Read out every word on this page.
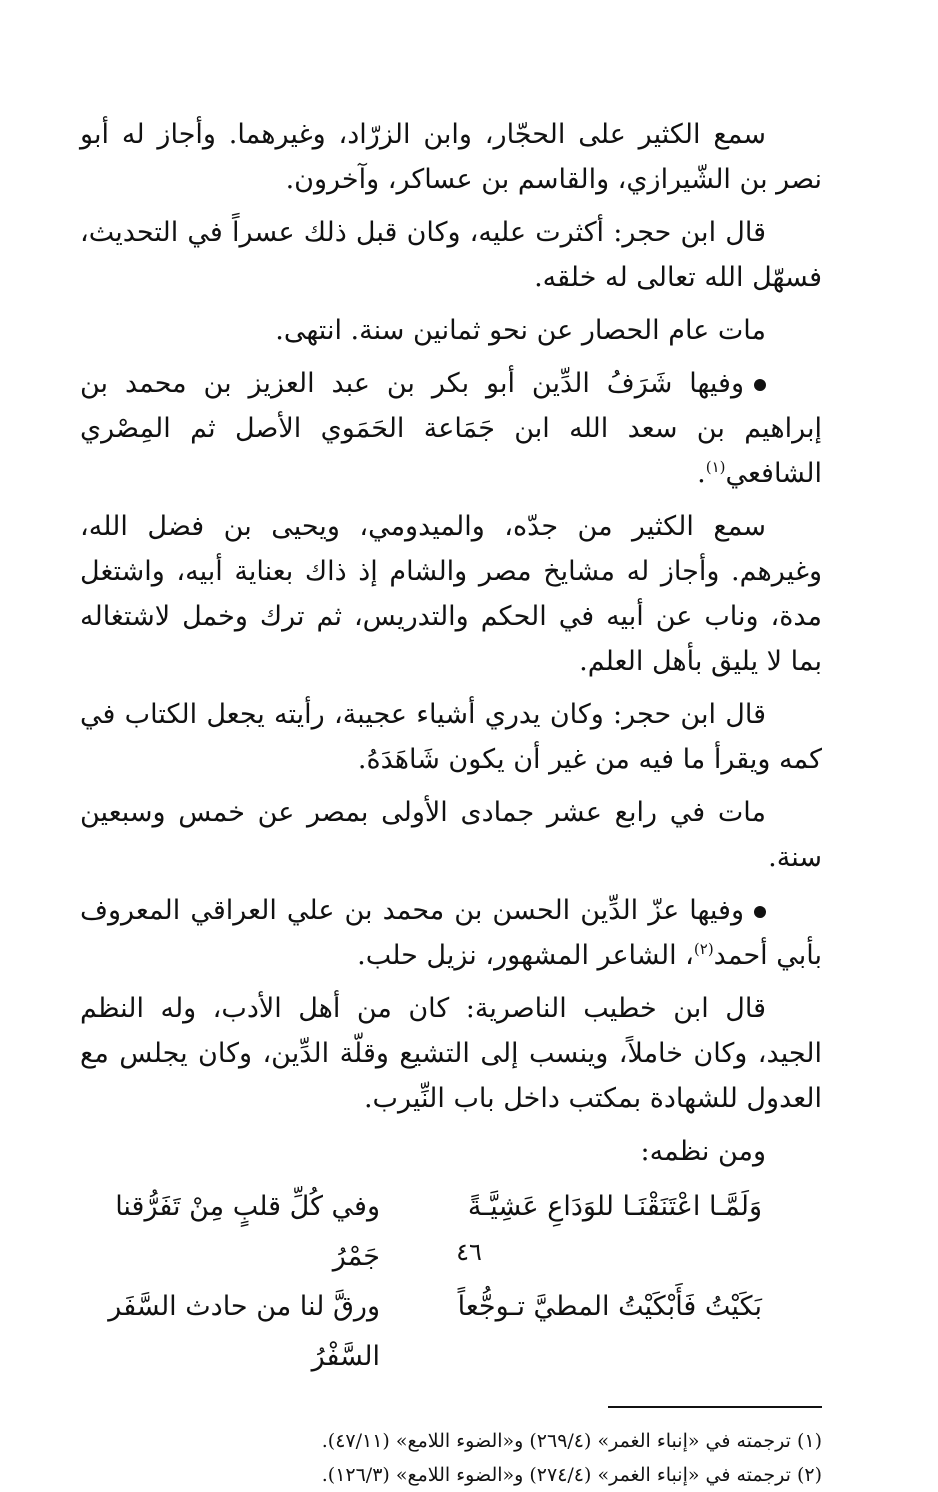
سمع الكثير على الحجّار، وابن الزرّاد، وغيرهما. وأجاز له أبو نصر بن الشّيرازي، والقاسم بن عساكر، وآخرون.

قال ابن حجر: أكثرت عليه، وكان قبل ذلك عسراً في التحديث، فسهّل الله تعالى له خلقه.

مات عام الحصار عن نحو ثمانين سنة. انتهى.

وفيها شَرَفُ الدِّين أبو بكر بن عبد العزيز بن محمد بن إبراهيم بن سعد الله ابن جَمَاعة الحَمَوي الأصل ثم المِصْري الشافعي$^{(١)}$.

سمع الكثير من جدّه، والميدومي، ويحيى بن فضل الله، وغيرهم. وأجاز له مشايخ مصر والشام إذ ذاك بعناية أبيه، واشتغل مدة، وناب عن أبيه في الحكم والتدريس، ثم ترك وخمل لاشتغاله بما لا يليق بأهل العلم.

قال ابن حجر: وكان يدري أشياء عجيبة، رأيته يجعل الكتاب في كمه ويقرأ ما فيه من غير أن يكون شَاهَدَهُ.

مات في رابع عشر جمادى الأولى بمصر عن خمس وسبعين سنة.

وفيها عزّ الدِّين الحسن بن محمد بن علي العراقي المعروف بأبي أحمد$^{(٢)}$، الشاعر المشهور، نزيل حلب.

قال ابن خطيب الناصرية: كان من أهل الأدب، وله النظم الجيد، وكان خاملاً، وينسب إلى التشيع وقلّة الدِّين، وكان يجلس مع العدول للشهادة بمكتب داخل باب النِّيرب.

ومن نظمه:

وَلَمَّـا اعْتَنَقْنَـا للوَدَاعِ عَشِيَّـةً
وفي كُلِّ قلبٍ مِنْ تَفَرُّقنا جَمْرُ
بَكَيْتُ فَأَبْكَيْتُ المطيَّ تـوجُّعاً
ورقَّ لنا من حادث السَّفَر السَّفْرُ

(١) ترجمته في «إنباء الغمر» (٢٦٩/٤) و«الضوء اللامع» (٤٧/١١).

(٢) ترجمته في «إنباء الغمر» (٢٧٤/٤) و«الضوء اللامع» (١٢٦/٣).

٤٦
